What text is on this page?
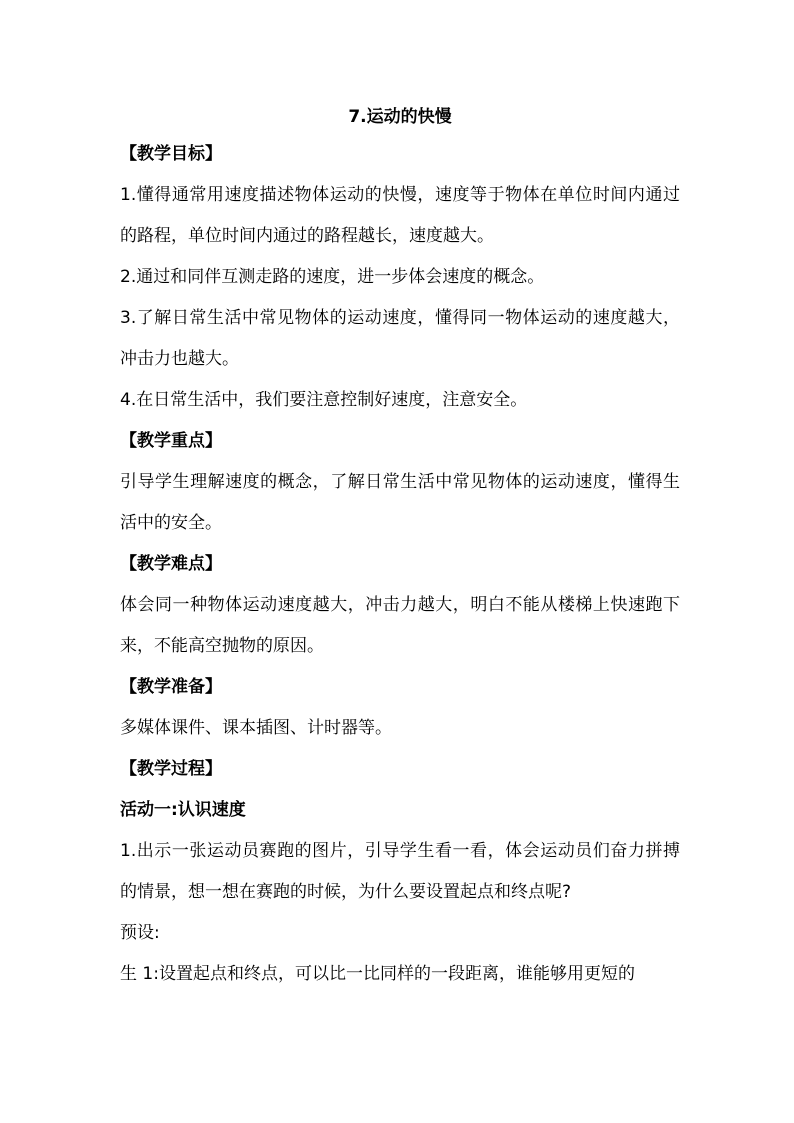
7.运动的快慢

【教学目标】

1.懂得通常用速度描述物体运动的快慢，速度等于物体在单位时间内通过的路程，单位时间内通过的路程越长，速度越大。

2.通过和同伴互测走路的速度，进一步体会速度的概念。

3.了解日常生活中常见物体的运动速度，懂得同一物体运动的速度越大，冲击力也越大。

4.在日常生活中，我们要注意控制好速度，注意安全。

【教学重点】

引导学生理解速度的概念，了解日常生活中常见物体的运动速度，懂得生活中的安全。

【教学难点】

体会同一种物体运动速度越大，冲击力越大，明白不能从楼梯上快速跑下来，不能高空抛物的原因。

【教学准备】

多媒体课件、课本插图、计时器等。

【教学过程】

活动一:认识速度

1.出示一张运动员赛跑的图片，引导学生看一看，体会运动员们奋力拼搏的情景，想一想在赛跑的时候，为什么要设置起点和终点呢?

预设:

生 1:设置起点和终点，可以比一比同样的一段距离，谁能够用更短的
